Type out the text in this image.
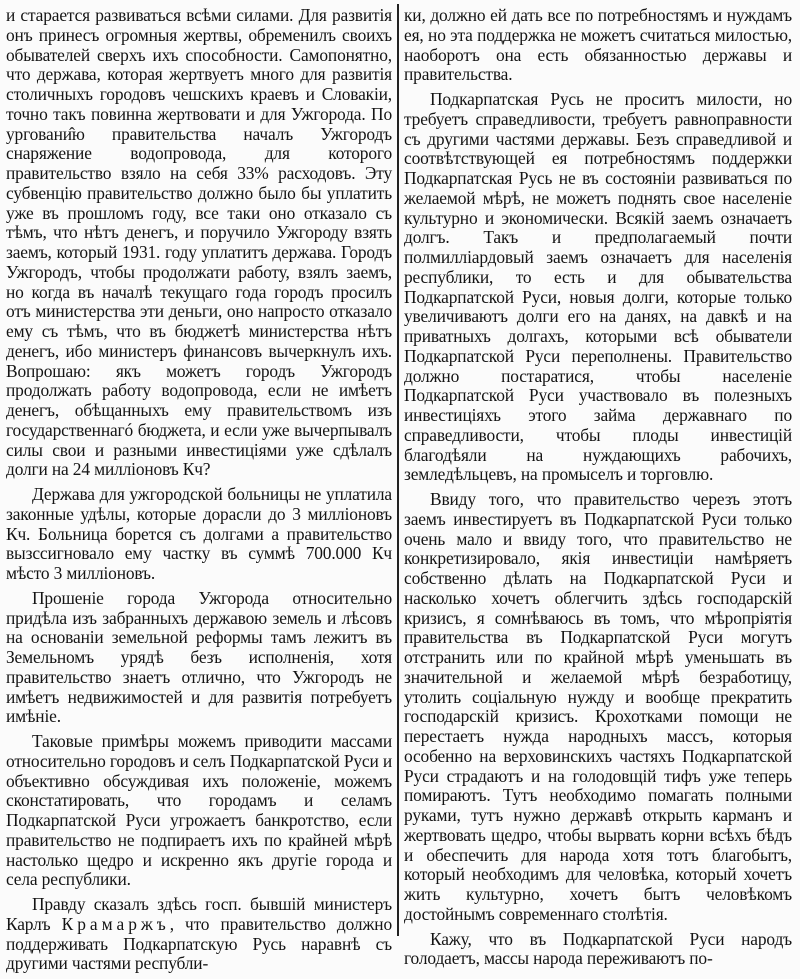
и старается развиваться всѣми силами. Для развитія онъ принесъ огромныя жертвы, обременилъ своихъ обывателей сверхъ ихъ способности. Самопонятно, что держава, которая жертвуетъ много для развитія столичныхъ городовъ чешскихъ краевъ и Словакіи, точно такъ повинна жертвовати и для Ужгорода. По урговани̂ю правительства началъ Ужгородъ снаряжение водопровода, для которого правительство взяло на себя 33% расходовъ. Эту субвенцію правительство должно было бы уплатить уже въ прошломъ году, все таки оно отказало съ тѣмъ, что нѣтъ денегъ, и поручило Ужгороду взять заемъ, который 1931. году уплатитъ держава. Городъ Ужгородъ, чтобы продолжати работу, взялъ заемъ, но когда въ началѣ текущаго года городъ просилъ отъ министерства эти деньги, оно напросто отказало ему съ тѣмъ, что въ бюджетѣ министерства нѣтъ денегъ, ибо министеръ финансовъ вычеркнулъ ихъ. Вопрошаю: якъ можетъ городъ Ужгородъ продолжать работу водопровода, если не имѣетъ денегъ, обѣщанныхъ ему правительствомъ изъ государственнагó бюджета, и если уже вычерпывалъ силы свои и разными инвестиціями уже сдѣлалъ долги на 24 милліоновъ Кч?

Держава для ужгородской больницы не уплатила законные удѣлы, которые дорасли до 3 милліоновъ Кч. Больница борется съ долгами а правительство вызссигновало ему частку въ суммѣ 700.000 Кч мѣсто 3 милліоновъ.

Прошеніе города Ужгорода относительно придѣла изъ забранныхъ державою земель и лѣсовъ на основаніи земельной реформы тамъ лежитъ въ Земельномъ урядѣ безъ исполненія, хотя правительство знаетъ отлично, что Ужгородъ не имѣетъ недвижимостей и для развитія потребуетъ имѣніе.

Таковые примѣры можемъ приводити массами относительно городовъ и селъ Подкарпатской Руси и объективно обсуждивая ихъ положеніе, можемъ сконстатировать, что городамъ и селамъ Подкарпатской Руси угрожаетъ банкротство, если правительство не подпираетъ ихъ по крайней мѣрѣ настолько щедро и искренно якъ другіе города и села республики.

Правду сказалъ здѣсь госп. бывшій министеръ Карлъ Крамаржъ, что правительство должно поддерживать Подкарпатскую Русь наравнѣ съ другими частями республи-

ки, должно ей дать все по потребностямъ и нуждамъ ея, но эта поддержка не можетъ считаться милостью, наоборотъ она есть обязанностью державы и правительства.

Подкарпатская Русь не проситъ милости, но требуетъ справедливости, требуетъ равноправности съ другими частями державы. Безъ справедливой и соотвѣтствующей ея потребностямъ поддержки Подкарпатская Русь не въ состояніи развиваться по желаемой мѣрѣ, не можетъ поднять свое населеніе культурно и экономически. Всякій заемъ означаетъ долгъ. Такъ и предполагаемый почти полмилліардовый заемъ означаетъ для населенія республики, то есть и для обывательства Подкарпатской Руси, новыя долги, которые только увеличиваютъ долги его на данях, на давкѣ и на приватныхъ долгахъ, которыми всѣ обыватели Подкарпатской Руси переполнены. Правительство должно постаратися, чтобы населеніе Подкарпатской Руси участвовало въ полезныхъ инвестиціяхъ этого займа державнаго по справедливости, чтобы плоды инвестицій благодѣяли на нуждающихъ рабочихъ, земледѣльцевъ, на промыселъ и торговлю.

Ввиду того, что правительство черезъ этотъ заемъ инвестируетъ въ Подкарпатской Руси только очень мало и ввиду того, что правительство не конкретизировало, якія инвестиціи намѣряетъ собственно дѣлать на Подкарпатской Руси и насколько хочетъ облегчить здѣсь господарскій кризисъ, я сомнѣваюсь въ томъ, что мѣропріятія правительства въ Подкарпатской Руси могутъ отстранить или по крайной мѣрѣ уменьшать въ значительной и желаемой мѣрѣ безработицу, утолить соціальную нужду и вообще прекратить господарскій кризисъ. Крохотками помощи не перестаетъ нужда народныхъ массъ, которыя особенно на верховинскихъ частяхъ Подкарпатской Руси страдаютъ и на голодовщій тифъ уже теперь помираютъ. Тутъ необходимо помагать полными руками, тутъ нужно державѣ открыть карманъ и жертвовать щедро, чтобы вырвать корни всѣхъ бѣдъ и обеспечить для народа хотя тотъ благобытъ, который необходимъ для человѣка, который хочетъ жить культурно, хочетъ бытъ человѣкомъ достойнымъ современнаго столѣтія.

Кажу, что въ Подкарпатской Руси народъ голодаетъ, массы народа переживаютъ по-
